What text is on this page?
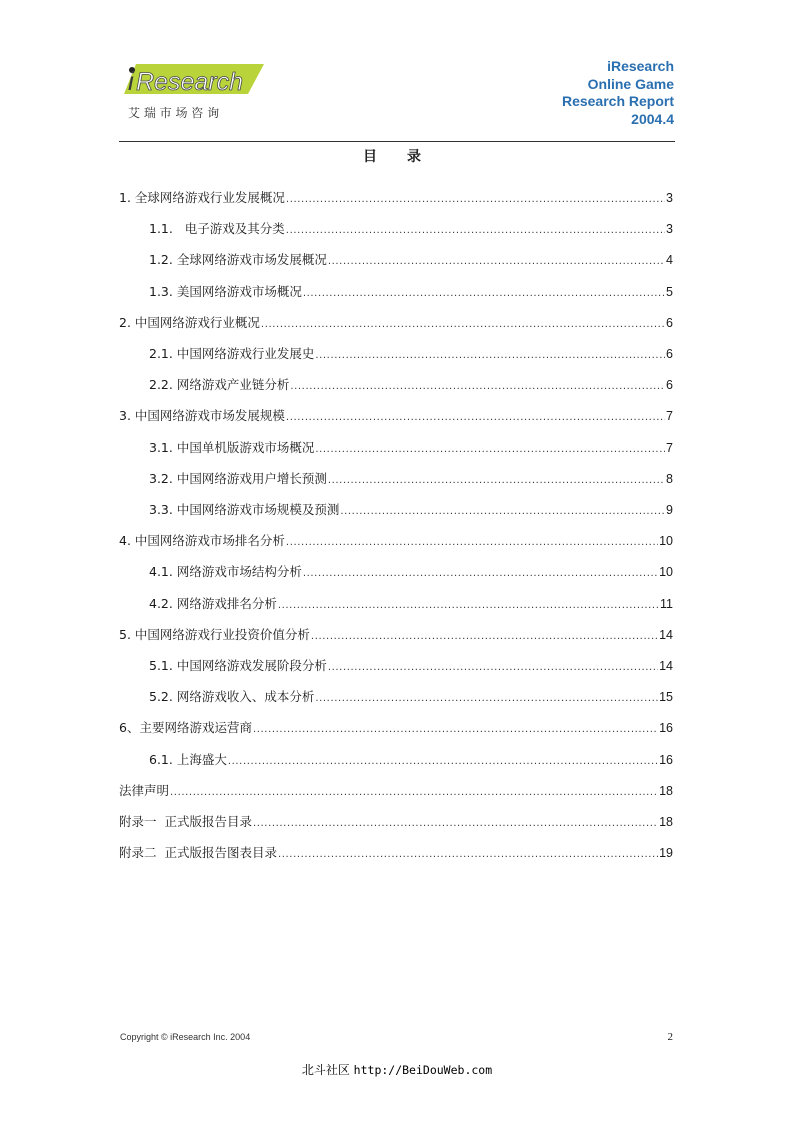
i Research
艾 瑞 市 场 咨 询
iResearch
Online Game
Research Report
2004.4
目录
1. 全球网络游戏行业发展概况 .....	3
1.1. 电子游戏及其分类 .....	3
1.2. 全球网络游戏市场发展概况 .....	4
1.3. 美国网络游戏市场概况 .....	5
2. 中国网络游戏行业概况 .....	6
2.1. 中国网络游戏行业发展史 .....	6
2.2. 网络游戏产业链分析 .....	6
3. 中国网络游戏市场发展规模 .....	7
3.1. 中国单机版游戏市场概况 .....	7
3.2. 中国网络游戏用户增长预测 .....	8
3.3. 中国网络游戏市场规模及预测 .....	9
4. 中国网络游戏市场排名分析 .....	10
4.1. 网络游戏市场结构分析 .....	10
4.2. 网络游戏排名分析 .....	11
5. 中国网络游戏行业投资价值分析 .....	14
5.1. 中国网络游戏发展阶段分析 .....	14
5.2. 网络游戏收入、成本分析 .....	15
6、 主要网络游戏运营商 .....	16
6.1. 上海盛大 .....	16
法律声明 .....	18
附录一  正式版报告目录 .....	18
附录二  正式版报告图表目录 .....	19
Copyright © iResearch Inc. 2004	2
北斗社区 http://BeiDouWeb.com
